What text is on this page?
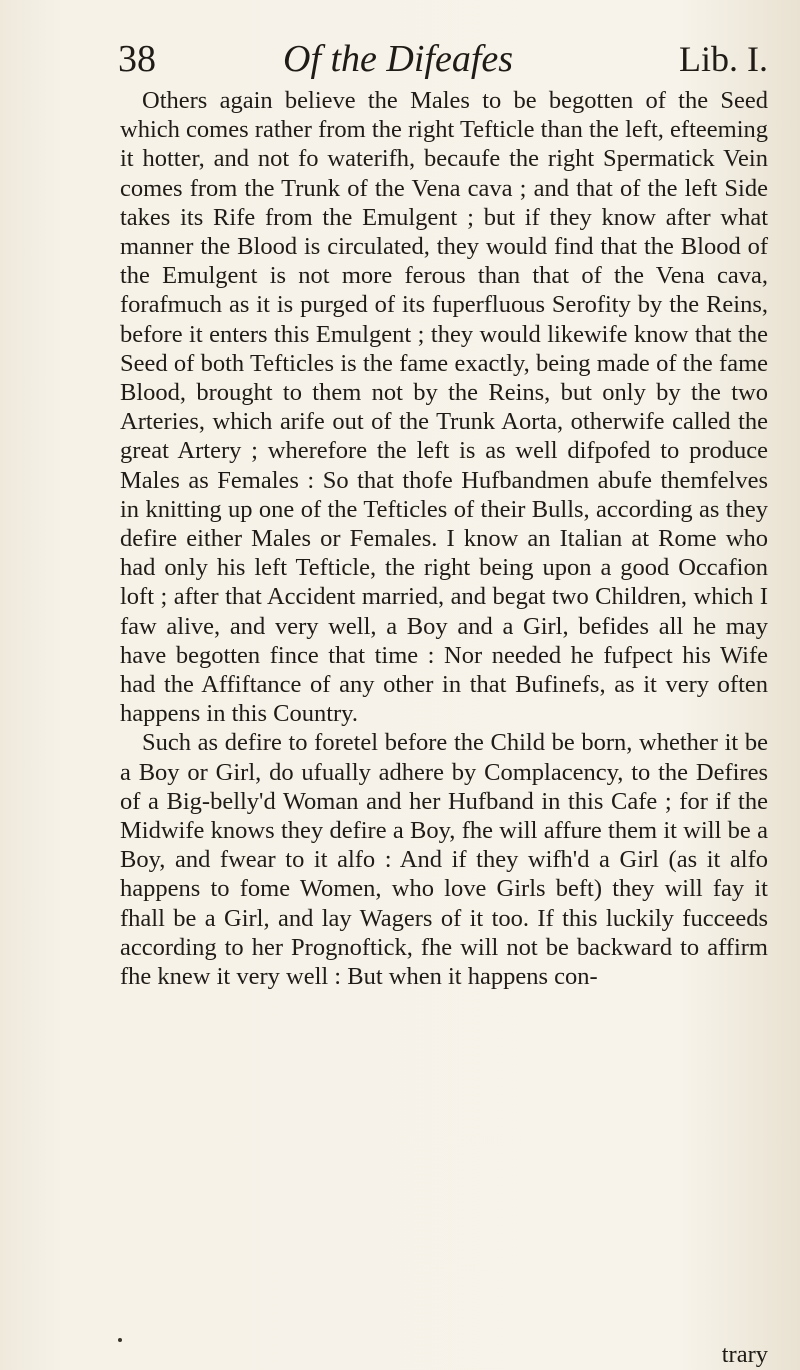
38	Of the Difeafes	Lib. I.

Others again believe the Males to be begotten of the Seed which comes rather from the right Tefticle than the left, efteeming it hotter, and not fo waterifh, becaufe the right Spermatick Vein comes from the Trunk of the Vena cava ; and that of the left Side takes its Rife from the Emulgent ; but if they know after what manner the Blood is circulated, they would find that the Blood of the Emulgent is not more ferous than that of the Vena cava, forafmuch as it is purged of its fuperfluous Serofity by the Reins, before it enters this Emulgent ; they would likewife know that the Seed of both Tefticles is the fame exactly, being made of the fame Blood, brought to them not by the Reins, but only by the two Arteries, which arife out of the Trunk Aorta, otherwife called the great Artery ; wherefore the left is as well difpofed to produce Males as Females : So that thofe Hufbandmen abufe themfelves in knitting up one of the Tefticles of their Bulls, according as they defire either Males or Females. I know an Italian at Rome who had only his left Tefticle, the right being upon a good Occafion loft ; after that Accident married, and begat two Children, which I faw alive, and very well, a Boy and a Girl, befides all he may have begotten fince that time : Nor needed he fufpect his Wife had the Affiftance of any other in that Bufinefs, as it very often happens in this Country.

Such as defire to foretel before the Child be born, whether it be a Boy or Girl, do ufually adhere by Complacency, to the Defires of a Big-belly'd Woman and her Hufband in this Cafe ; for if the Midwife knows they defire a Boy, fhe will affure them it will be a Boy, and fwear to it alfo : And if they wifh'd a Girl (as it alfo happens to fome Women, who love Girls beft) they will fay it fhall be a Girl, and lay Wagers of it too. If this luckily fucceeds according to her Prognoftick, fhe will not be backward to affirm fhe knew it very well : But when it happens con-

trary
